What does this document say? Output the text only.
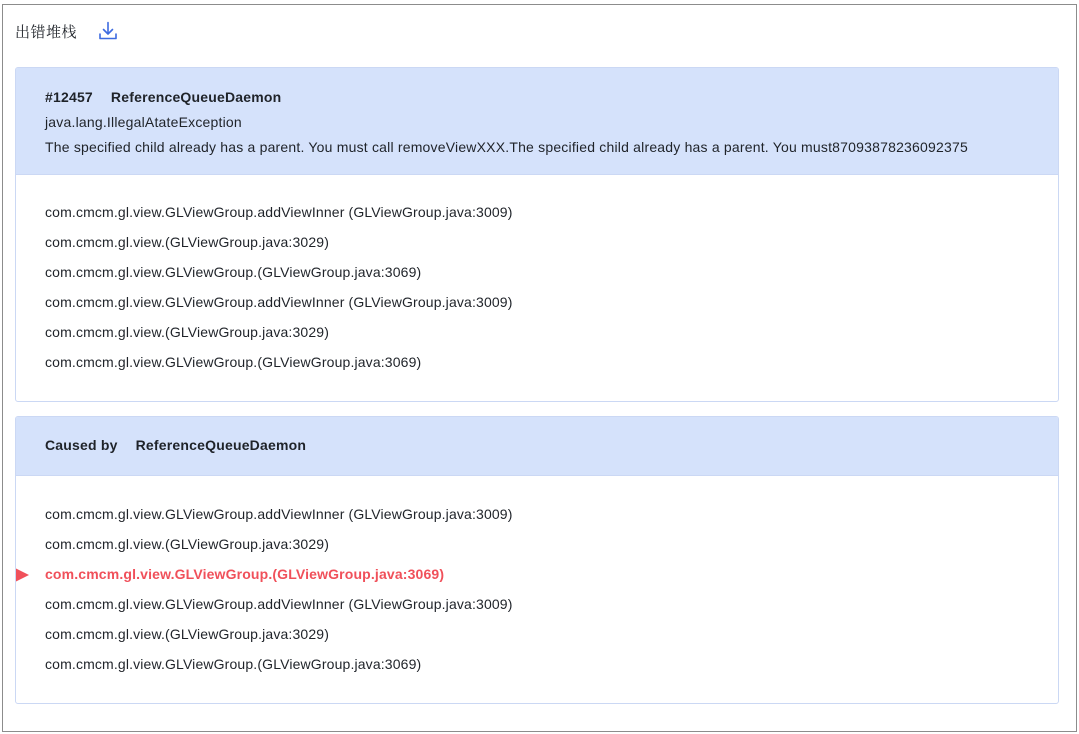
出错堆栈
#12457 ReferenceQueueDaemon
java.lang.IllegalAtateException
The specified child already has a parent. You must call removeViewXXX.The specified child already has a parent. You must87093878236092375
com.cmcm.gl.view.GLViewGroup.addViewInner (GLViewGroup.java:3009)
com.cmcm.gl.view.(GLViewGroup.java:3029)
com.cmcm.gl.view.GLViewGroup.(GLViewGroup.java:3069)
com.cmcm.gl.view.GLViewGroup.addViewInner (GLViewGroup.java:3009)
com.cmcm.gl.view.(GLViewGroup.java:3029)
com.cmcm.gl.view.GLViewGroup.(GLViewGroup.java:3069)
Caused by ReferenceQueueDaemon
com.cmcm.gl.view.GLViewGroup.addViewInner (GLViewGroup.java:3009)
com.cmcm.gl.view.(GLViewGroup.java:3029)
com.cmcm.gl.view.GLViewGroup.(GLViewGroup.java:3069)
com.cmcm.gl.view.GLViewGroup.addViewInner (GLViewGroup.java:3009)
com.cmcm.gl.view.(GLViewGroup.java:3029)
com.cmcm.gl.view.GLViewGroup.(GLViewGroup.java:3069)
